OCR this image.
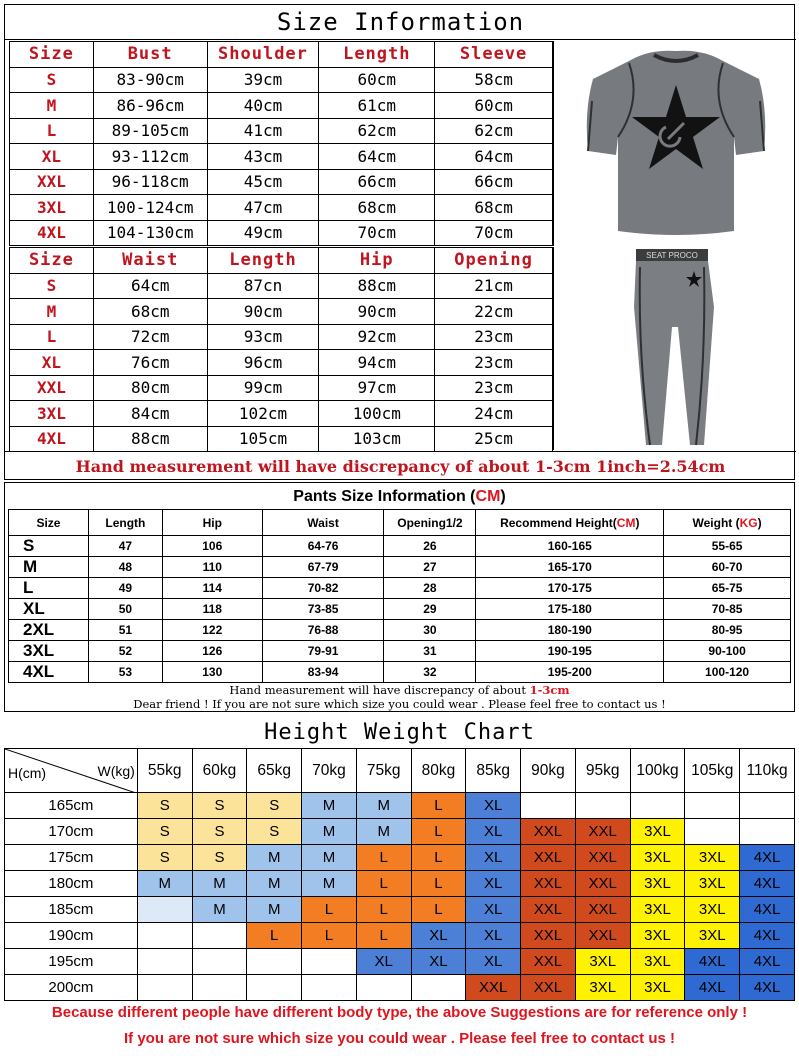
Size Information
Size	Bust	Shoulder	Length	Sleeve
S	83-90cm	39cm	60cm	58cm
M	86-96cm	40cm	61cm	60cm
L	89-105cm	41cm	62cm	62cm
XL	93-112cm	43cm	64cm	64cm
XXL	96-118cm	45cm	66cm	66cm
3XL	100-124cm	47cm	68cm	68cm
4XL	104-130cm	49cm	70cm	70cm
Size	Waist	Length	Hip	Opening
S	64cm	87cn	88cm	21cm
M	68cm	90cm	90cm	22cm
L	72cm	93cm	92cm	23cm
XL	76cm	96cm	94cm	23cm
XXL	80cm	99cm	97cm	23cm
3XL	84cm	102cm	100cm	24cm
4XL	88cm	105cm	103cm	25cm
SEAT PROCO
Hand measurement will have discrepancy of about 1-3cm 1inch=2.54cm
Pants Size Information (CM)
Size	Length	Hip	Waist	Opening1/2	Recommend Height(CM)	Weight (KG)
S	47	106	64-76	26	160-165	55-65
M	48	110	67-79	27	165-170	60-70
L	49	114	70-82	28	170-175	65-75
XL	50	118	73-85	29	175-180	70-85
2XL	51	122	76-88	30	180-190	80-95
3XL	52	126	79-91	31	190-195	90-100
4XL	53	130	83-94	32	195-200	100-120
Hand measurement will have discrepancy of about 1-3cm
Dear friend ! If you are not sure which size you could wear . Please feel free to contact us !
Height Weight Chart
H(cm) W(kg)	55kg	60kg	65kg	70kg	75kg	80kg	85kg	90kg	95kg	100kg	105kg	110kg
165cm	S	S	S	M	M	L	XL					
170cm	S	S	S	M	M	L	XL	XXL	XXL	3XL		
175cm	S	S	M	M	L	L	XL	XXL	XXL	3XL	3XL	4XL
180cm	M	M	M	M	L	L	XL	XXL	XXL	3XL	3XL	4XL
185cm		M	M	L	L	L	XL	XXL	XXL	3XL	3XL	4XL
190cm			L	L	L	XL	XL	XXL	XXL	3XL	3XL	4XL
195cm					XL	XL	XL	XXL	3XL	3XL	4XL	4XL
200cm							XXL	XXL	3XL	3XL	4XL	4XL
Because different people have different body type, the above Suggestions are for reference only !
If you are not sure which size you could wear . Please feel free to contact us !
